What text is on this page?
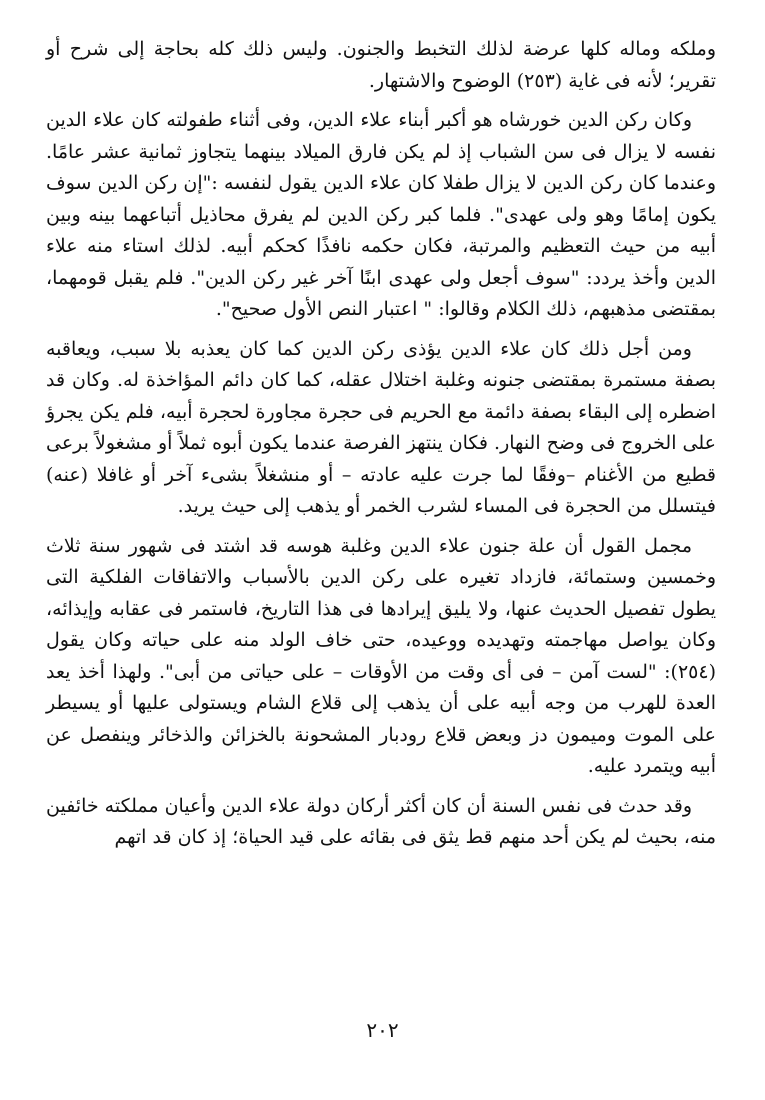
وملكه وماله كلها عرضة لذلك التخبط والجنون. وليس ذلك كله بحاجة إلى شرح أو تقرير؛ لأنه فى غاية (٢٥٣) الوضوح والاشتهار.

وكان ركن الدين خورشاه هو أكبر أبناء علاء الدين، وفى أثناء طفولته كان علاء الدين نفسه لا يزال فى سن الشباب إذ لم يكن فارق الميلاد بينهما يتجاوز ثمانية عشر عامًا. وعندما كان ركن الدين لا يزال طفلا كان علاء الدين يقول لنفسه :"إن ركن الدين سوف يكون إمامًا وهو ولى عهدى". فلما كبر ركن الدين لم يفرق محاذيل أتباعهما بينه وبين أبيه من حيث التعظيم والمرتبة، فكان حكمه نافذًا كحكم أبيه. لذلك استاء منه علاء الدين وأخذ يردد: "سوف أجعل ولى عهدى ابنًا آخر غير ركن الدين". فلم يقبل قومهما، بمقتضى مذهبهم، ذلك الكلام وقالوا: " اعتبار النص الأول صحيح".

ومن أجل ذلك كان علاء الدين يؤذى ركن الدين كما كان يعذبه بلا سبب، ويعاقبه بصفة مستمرة بمقتضى جنونه وغلبة اختلال عقله، كما كان دائم المؤاخذة له. وكان قد اضطره إلى البقاء بصفة دائمة مع الحريم فى حجرة مجاورة لحجرة أبيه، فلم يكن يجرؤ على الخروج فى وضح النهار. فكان ينتهز الفرصة عندما يكون أبوه ثملاً أو مشغولاً برعى قطيع من الأغنام –وفقًا لما جرت عليه عادته – أو منشغلاً بشىء آخر أو غافلا (عنه) فيتسلل من الحجرة فى المساء لشرب الخمر أو يذهب إلى حيث يريد.

مجمل القول أن علة جنون علاء الدين وغلبة هوسه قد اشتد فى شهور سنة ثلاث وخمسين وستمائة، فازداد تغيره على ركن الدين بالأسباب والاتفاقات الفلكية التى يطول تفصيل الحديث عنها، ولا يليق إيرادها فى هذا التاريخ، فاستمر فى عقابه وإيذائه، وكان يواصل مهاجمته وتهديده ووعيده، حتى خاف الولد منه على حياته وكان يقول (٢٥٤): "لست آمن – فى أى وقت من الأوقات – على حياتى من أبى". ولهذا أخذ يعد العدة للهرب من وجه أبيه على أن يذهب إلى قلاع الشام ويستولى عليها أو يسيطر على الموت وميمون دز وبعض قلاع رودبار المشحونة بالخزائن والذخائر وينفصل عن أبيه ويتمرد عليه.

وقد حدث فى نفس السنة أن كان أكثر أركان دولة علاء الدين وأعيان مملكته خائفين منه، بحيث لم يكن أحد منهم قط يثق فى بقائه على قيد الحياة؛ إذ كان قد اتهم

٢٠٢
